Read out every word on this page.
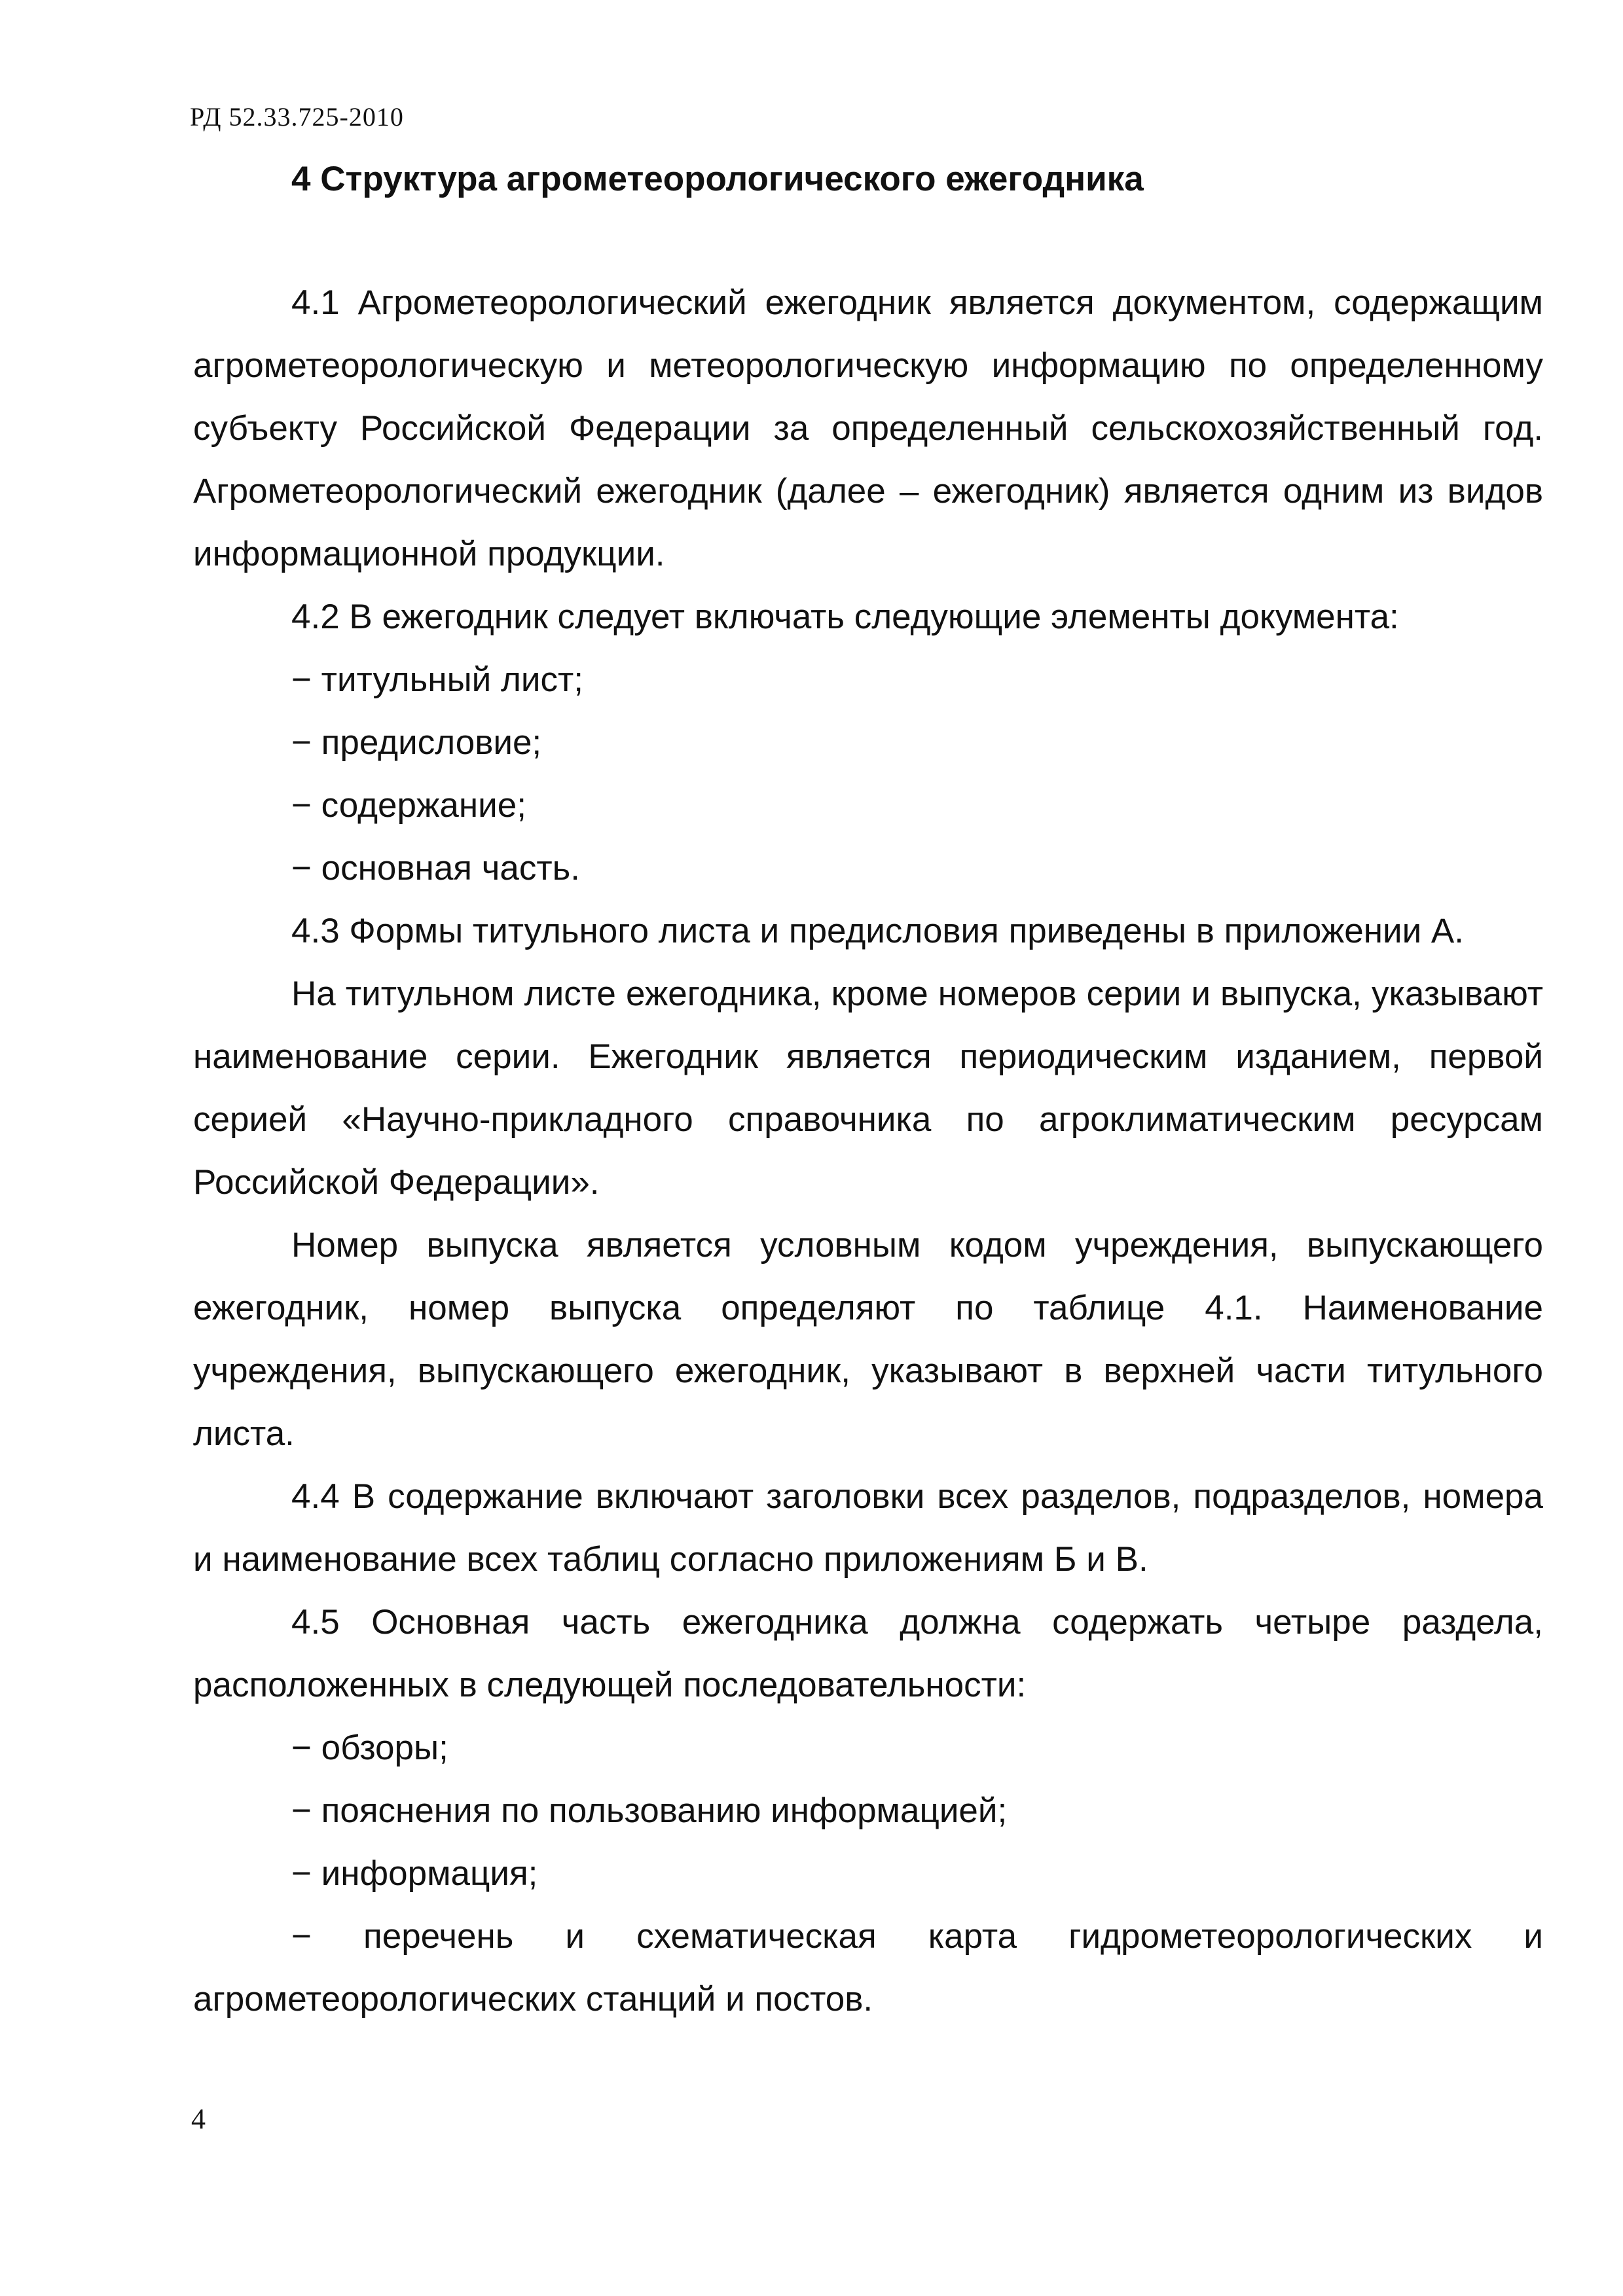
РД 52.33.725-2010
4 Структура агрометеорологического ежегодника

4.1 Агрометеорологический ежегодник является документом, содержащим агрометеорологическую и метеорологическую информацию по определенному субъекту Российской Федерации за определенный сельскохозяйственный год. Агрометеорологический ежегодник (далее – ежегодник) является одним из видов информационной продукции.

4.2 В ежегодник следует включать следующие элементы документа:

− титульный лист;

− предисловие;

− содержание;

− основная часть.

4.3 Формы титульного листа и предисловия приведены в приложении А.

На титульном листе ежегодника, кроме номеров серии и выпуска, указывают наименование серии. Ежегодник является периодическим изданием, первой серией «Научно-прикладного справочника по агроклиматическим ресурсам Российской Федерации».

Номер выпуска является условным кодом учреждения, выпускающего ежегодник, номер выпуска определяют по таблице 4.1. Наименование учреждения, выпускающего ежегодник, указывают в верхней части титульного листа.

4.4 В содержание включают заголовки всех разделов, подразделов, номера и наименование всех таблиц согласно приложениям Б и В.

4.5 Основная часть ежегодника должна содержать четыре раздела, расположенных в следующей последовательности:

− обзоры;

− пояснения по пользованию информацией;

− информация;

− перечень и схематическая карта гидрометеорологических и агрометеорологических станций и постов.

4
